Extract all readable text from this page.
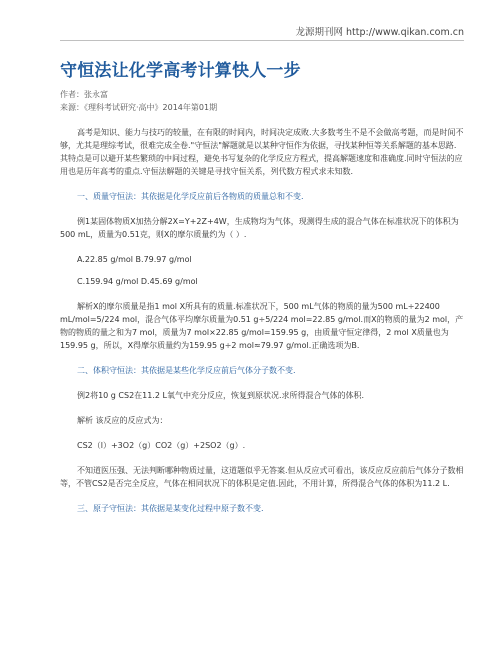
龙源期刊网 http://www.qikan.com.cn
守恒法让化学高考计算快人一步
作者：张永富
来源：《理科考试研究·高中》2014年第01期

高考是知识、能力与技巧的较量，在有限的时间内，时间决定成败.大多数考生不是不会做高考题，而是时间不够，尤其是理综考试，很难完成全卷."守恒法"解题就是以某种守恒作为依据，寻找某种恒等关系解题的基本思路.其特点是可以避开某些繁琐的中间过程，避免书写复杂的化学反应方程式，提高解题速度和准确度.同时守恒法的应用也是历年高考的重点.守恒法解题的关键是寻找守恒关系，列代数方程式求未知数.

一、质量守恒法：其依据是化学反应前后各物质的质量总和不变.

例1某固体物质X加热分解2X=Y+2Z+4W，生成物均为气体，现测得生成的混合气体在标准状况下的体积为500 mL，质量为0.51克，则X的摩尔质量约为（ ）.

A.22.85 g/mol B.79.97 g/mol

C.159.94 g/mol D.45.69 g/mol

解析X的摩尔质量是指1 mol X所具有的质量.标准状况下，500 mL气体的物质的量为500 mL÷22400 mL/mol=5/224 mol，混合气体平均摩尔质量为0.51 g÷5/224 mol=22.85 g/mol.而X的物质的量为2 mol，产物的物质的量之和为7 mol，质量为7 mol×22.85 g/mol=159.95 g，由质量守恒定律得，2 mol X质量也为159.95 g，所以，X得摩尔质量约为159.95 g÷2 mol≈79.97 g/mol.正确选项为B.

二、体积守恒法：其依据是某些化学反应前后气体分子数不变.

例2将10 g CS2在11.2 L氧气中充分反应，恢复到原状况.求所得混合气体的体积.

解析 该反应的反应式为：

CS2（l）+3O2（g）CO2（g）+2SO2（g）.

不知道医压强、无法判断哪种物质过量，这道题似乎无答案.但从反应式可看出，该反应反应前后气体分子数相等，不管CS2是否完全反应，气体在相同状况下的体积是定值.因此，不用计算，所得混合气体的体积为11.2 L.

三、原子守恒法：其依据是某变化过程中原子数不变.
